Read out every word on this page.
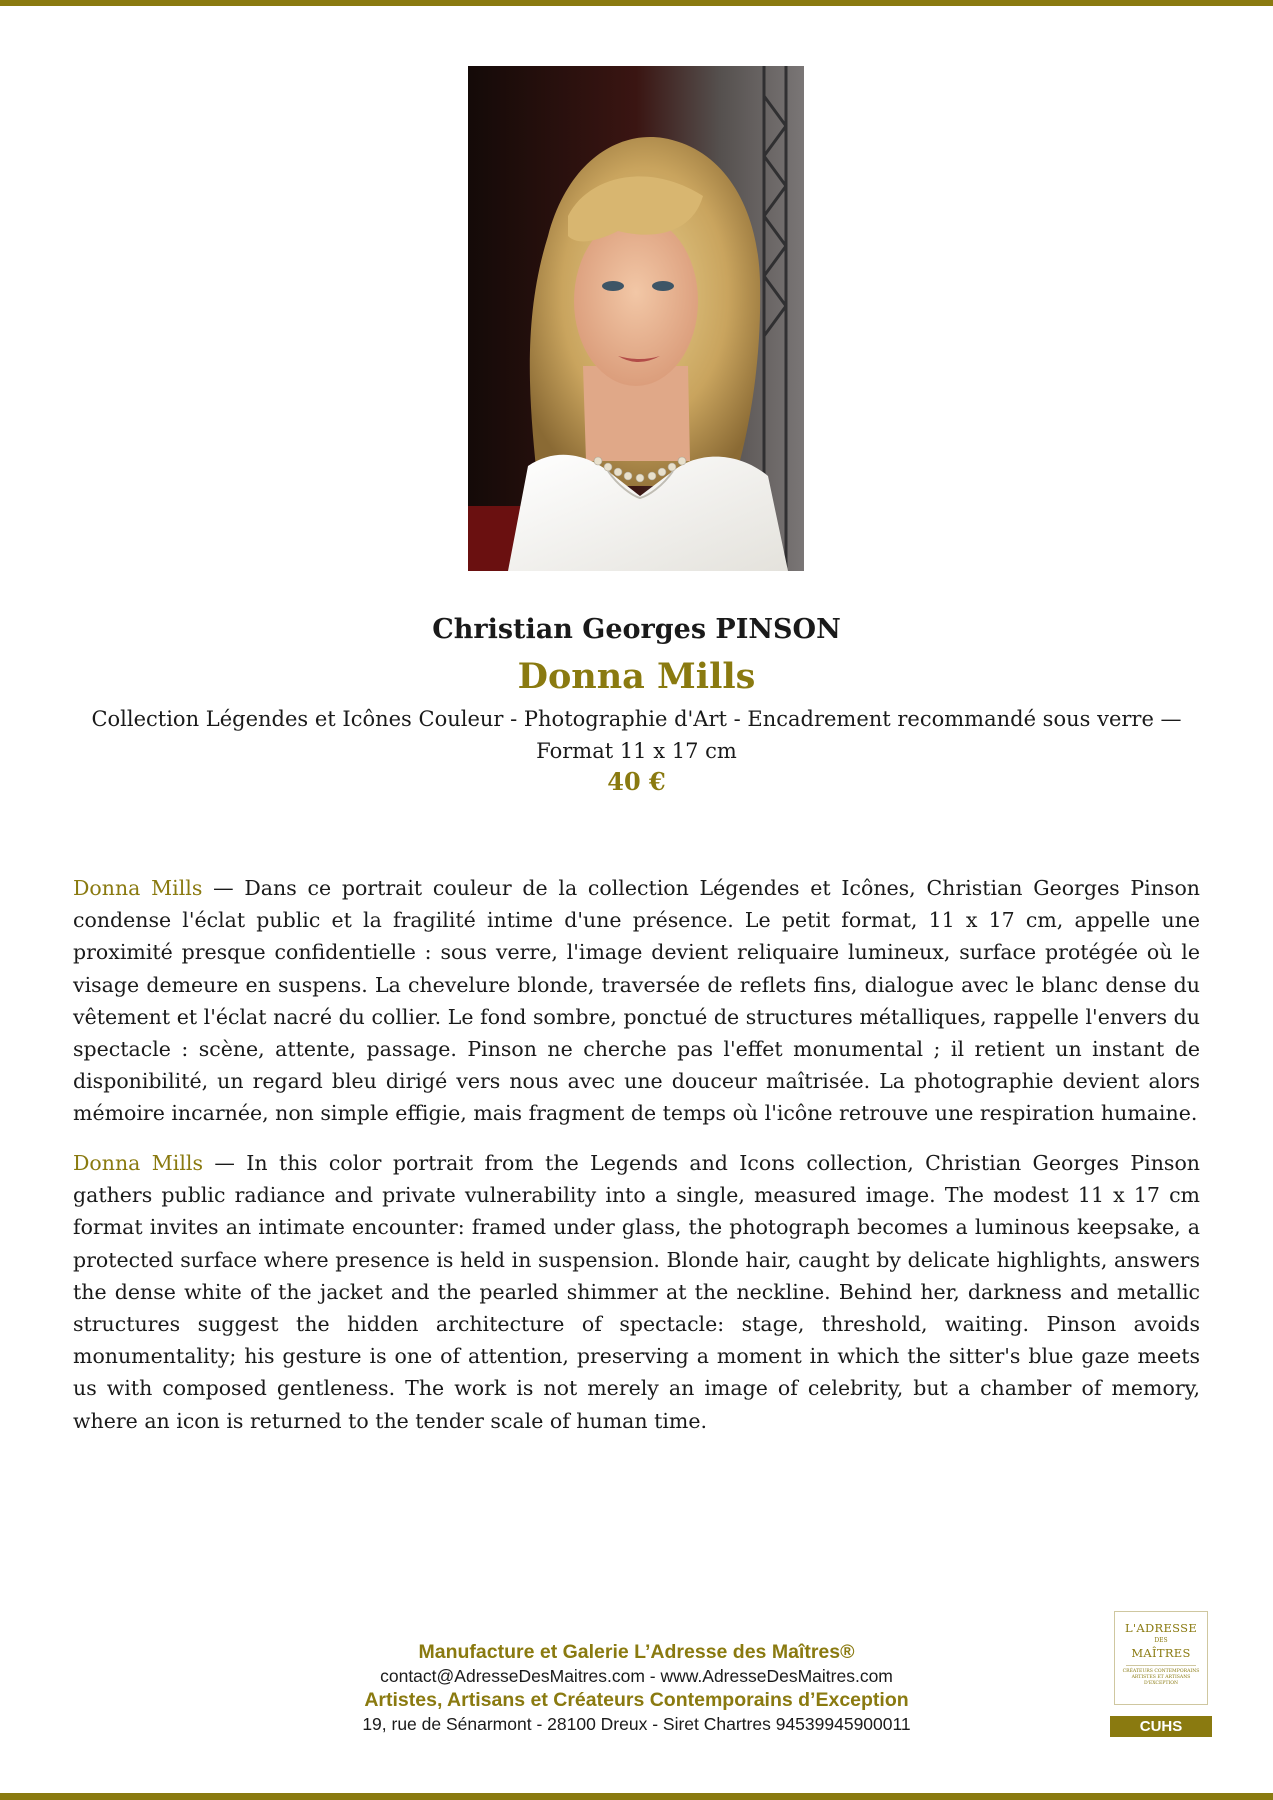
Christian Georges PINSON
Donna Mills
Collection Légendes et Icônes Couleur - Photographie d'Art - Encadrement recommandé sous verre — Format 11 x 17 cm
40 €

Donna Mills — Dans ce portrait couleur de la collection Légendes et Icônes, Christian Georges Pinson condense l'éclat public et la fragilité intime d'une présence. Le petit format, 11 x 17 cm, appelle une proximité presque confidentielle : sous verre, l'image devient reliquaire lumineux, surface protégée où le visage demeure en suspens. La chevelure blonde, traversée de reflets fins, dialogue avec le blanc dense du vêtement et l'éclat nacré du collier. Le fond sombre, ponctué de structures métalliques, rappelle l'envers du spectacle : scène, attente, passage. Pinson ne cherche pas l'effet monumental ; il retient un instant de disponibilité, un regard bleu dirigé vers nous avec une douceur maîtrisée. La photographie devient alors mémoire incarnée, non simple effigie, mais fragment de temps où l'icône retrouve une respiration humaine.

Donna Mills — In this color portrait from the Legends and Icons collection, Christian Georges Pinson gathers public radiance and private vulnerability into a single, measured image. The modest 11 x 17 cm format invites an intimate encounter: framed under glass, the photograph becomes a luminous keepsake, a protected surface where presence is held in suspension. Blonde hair, caught by delicate highlights, answers the dense white of the jacket and the pearled shimmer at the neckline. Behind her, darkness and metallic structures suggest the hidden architecture of spectacle: stage, threshold, waiting. Pinson avoids monumentality; his gesture is one of attention, preserving a moment in which the sitter's blue gaze meets us with composed gentleness. The work is not merely an image of celebrity, but a chamber of memory, where an icon is returned to the tender scale of human time.

Manufacture et Galerie L’Adresse des Maîtres®
contact@AdresseDesMaitres.com - www.AdresseDesMaitres.com
Artistes, Artisans et Créateurs Contemporains d’Exception
19, rue de Sénarmont - 28100 Dreux - Siret Chartres 94539945900011
L'ADRESSE
DES
MAÎTRES
CRÉATEURS CONTEMPORAINS ARTISTES ET ARTISANS D'EXCEPTION
CUHS
